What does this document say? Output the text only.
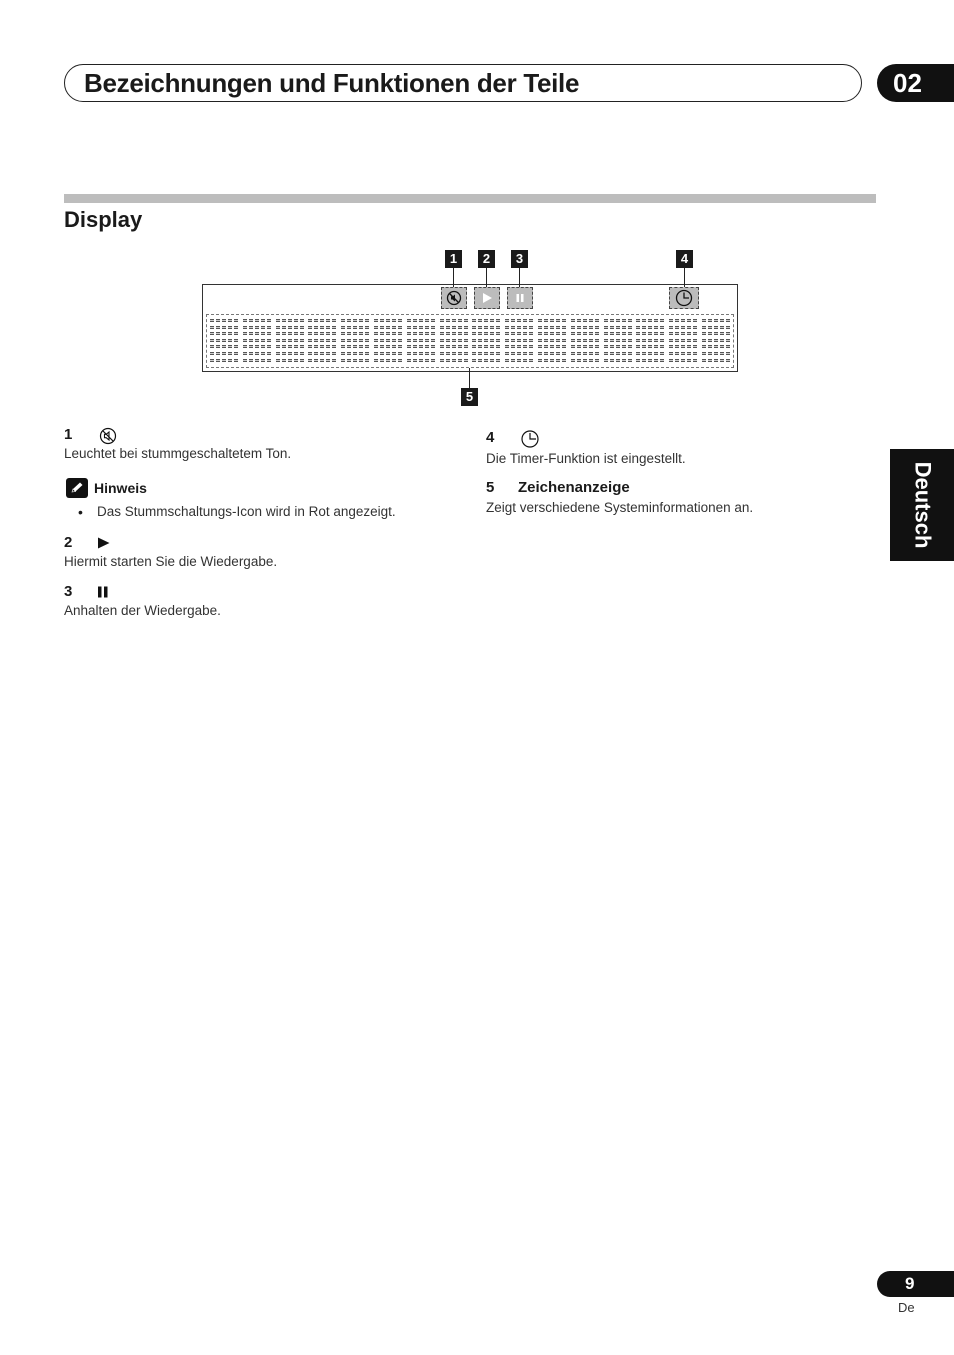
Bezeichnungen und Funktionen der Teile	02
Display
1	2	3	4
5
1
Leuchtet bei stummgeschaltetem Ton.
Hinweis
• Das Stummschaltungs-Icon wird in Rot angezeigt.
2
Hiermit starten Sie die Wiedergabe.
3
Anhalten der Wiedergabe.
4
Die Timer-Funktion ist eingestellt.
5 Zeichenanzeige
Zeigt verschiedene Systeminformationen an.	Deutsch
9
De
